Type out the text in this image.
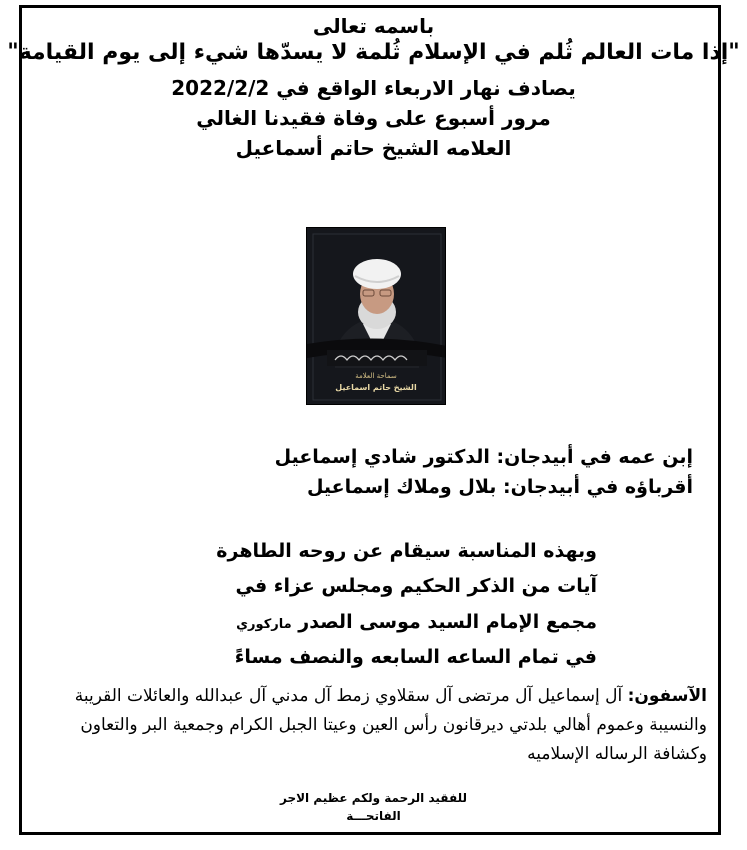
باسمه تعالى
"إذا مات العالم ثُلم في الإسلام ثُلمة لا يسدّها شيء إلى يوم القيامة"
يصادف نهار الاربعاء الواقع في 2022/2/2
مرور أسبوع على وفاة فقيدنا الغالي
العلامه الشيخ حاتم أسماعيل
سماحة العلامة
الشيخ حاتم اسماعيل
إبن عمه في أبيدجان: الدكتور شادي إسماعيل
أقرباؤه في أبيدجان: بلال وملاك إسماعيل
وبهذه المناسبة سيقام عن روحه الطاهرة
آيات من الذكر الحكيم ومجلس عزاء في
مجمع الإمام السيد موسى الصدر ماركوري
في تمام الساعه السابعه والنصف مساءً
الآسفون: آل إسماعيل آل مرتضى آل سقلاوي زمط آل مدني آل عبدالله والعائلات القريبة والنسيبة وعموم أهالي بلدتي ديرقانون رأس العين وعيتا الجبل الكرام وجمعية البر والتعاون وكشافة الرساله الإسلاميه
للفقيد الرحمة ولكم عظيم الاجر
الفاتحـــة
